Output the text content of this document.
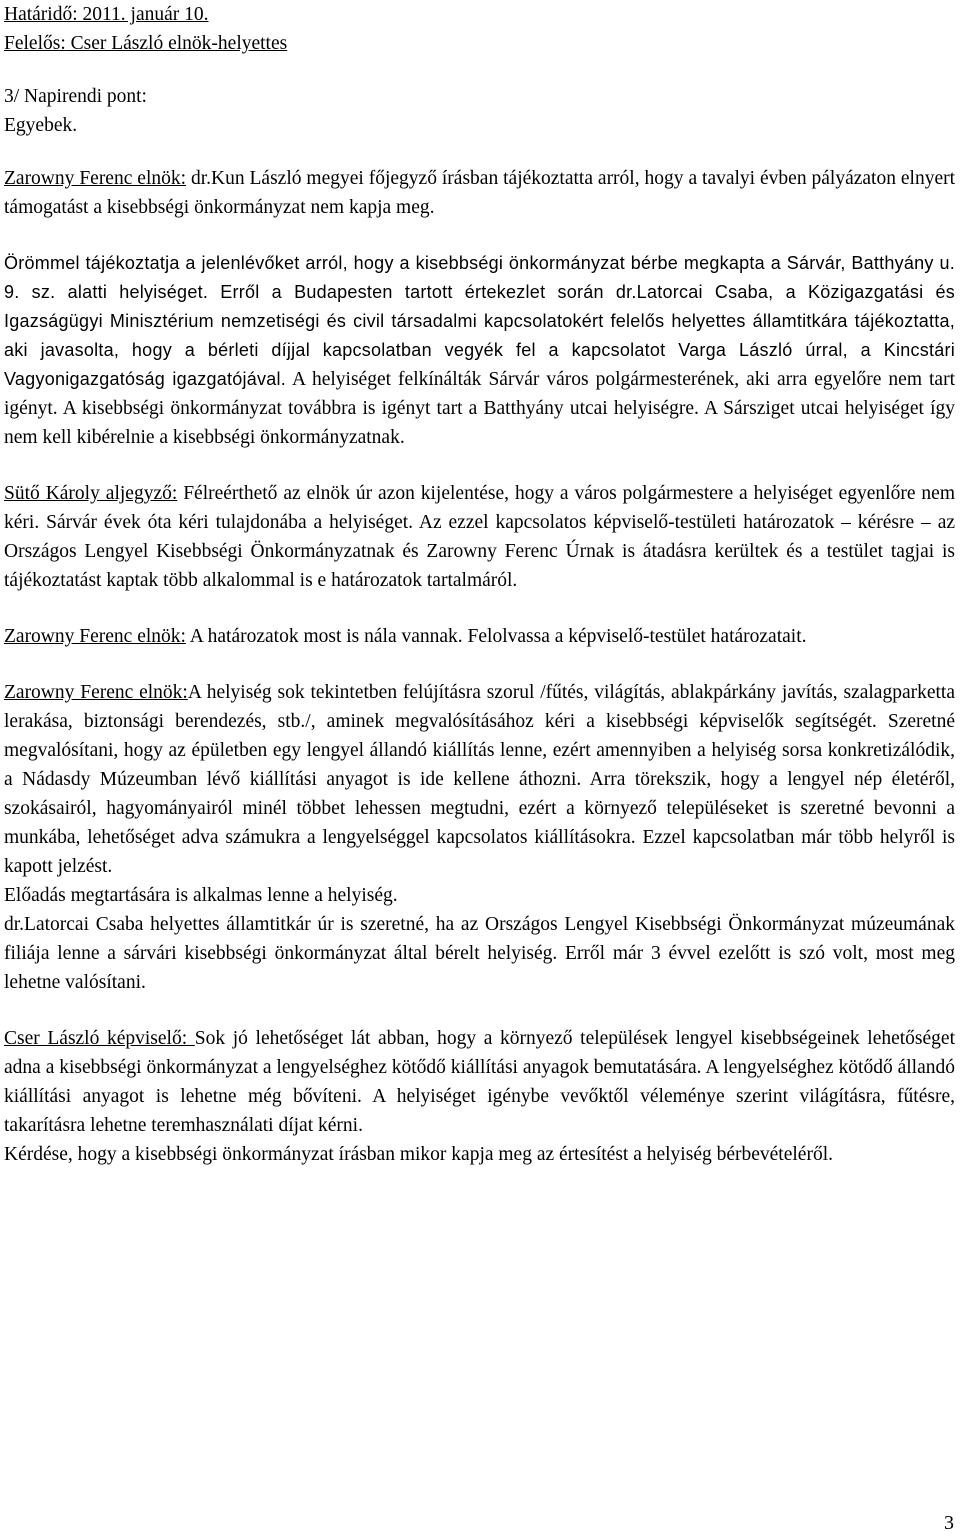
Határidő: 2011. január 10.
Felelős: Cser László elnök-helyettes
3/ Napirendi pont:
Egyebek.

Zarowny Ferenc elnök: dr.Kun László megyei főjegyző írásban tájékoztatta arról, hogy a tavalyi évben pályázaton elnyert támogatást a kisebbségi önkormányzat nem kapja meg.

Örömmel tájékoztatja a jelenlévőket arról, hogy a kisebbségi önkormányzat bérbe megkapta a Sárvár, Batthyány u. 9. sz. alatti helyiséget. Erről a Budapesten tartott értekezlet során dr.Latorcai Csaba, a Közigazgatási és Igazságügyi Minisztérium nemzetiségi és civil társadalmi kapcsolatokért felelős helyettes államtitkára tájékoztatta, aki javasolta, hogy a bérleti díjjal kapcsolatban vegyék fel a kapcsolatot Varga László úrral, a Kincstári Vagyonigazgatóság igazgatójával. A helyiséget felkínálták Sárvár város polgármesterének, aki arra egyelőre nem tart igényt. A kisebbségi önkormányzat továbbra is igényt tart a Batthyány utcai helyiségre. A Sársziget utcai helyiséget így nem kell kibérelnie a kisebbségi önkormányzatnak.

Sütő Károly aljegyző: Félreérthető az elnök úr azon kijelentése, hogy a város polgármestere a helyiséget egyenlőre nem kéri. Sárvár évek óta kéri tulajdonába a helyiséget. Az ezzel kapcsolatos képviselő-testületi határozatok – kérésre – az Országos Lengyel Kisebbségi Önkormányzatnak és Zarowny Ferenc Úrnak is átadásra kerültek és a testület tagjai is tájékoztatást kaptak több alkalommal is e határozatok tartalmáról.

Zarowny Ferenc elnök: A határozatok most is nála vannak. Felolvassa a képviselő-testület határozatait.

Zarowny Ferenc elnök:A helyiség sok tekintetben felújításra szorul /fűtés, világítás, ablakpárkány javítás, szalagparketta lerakása, biztonsági berendezés, stb./, aminek megvalósításához kéri a kisebbségi képviselők segítségét. Szeretné megvalósítani, hogy az épületben egy lengyel állandó kiállítás lenne, ezért amennyiben a helyiség sorsa konkretizálódik, a Nádasdy Múzeumban lévő kiállítási anyagot is ide kellene áthozni. Arra törekszik, hogy a lengyel nép életéről, szokásairól, hagyományairól minél többet lehessen megtudni, ezért a környező településeket is szeretné bevonni a munkába, lehetőséget adva számukra a lengyelséggel kapcsolatos kiállításokra. Ezzel kapcsolatban már több helyről is kapott jelzést.

Előadás megtartására is alkalmas lenne a helyiség.

dr.Latorcai Csaba helyettes államtitkár úr is szeretné, ha az Országos Lengyel Kisebbségi Önkormányzat múzeumának filiája lenne a sárvári kisebbségi önkormányzat által bérelt helyiség. Erről már 3 évvel ezelőtt is szó volt, most meg lehetne valósítani.

Cser László képviselő: Sok jó lehetőséget lát abban, hogy a környező települések lengyel kisebbségeinek lehetőséget adna a kisebbségi önkormányzat a lengyelséghez kötődő kiállítási anyagok bemutatására. A lengyelséghez kötődő állandó kiállítási anyagot is lehetne még bővíteni. A helyiséget igénybe vevőktől véleménye szerint világításra, fűtésre, takarításra lehetne teremhasználati díjat kérni.

Kérdése, hogy a kisebbségi önkormányzat írásban mikor kapja meg az értesítést a helyiség bérbevételéről.

3
